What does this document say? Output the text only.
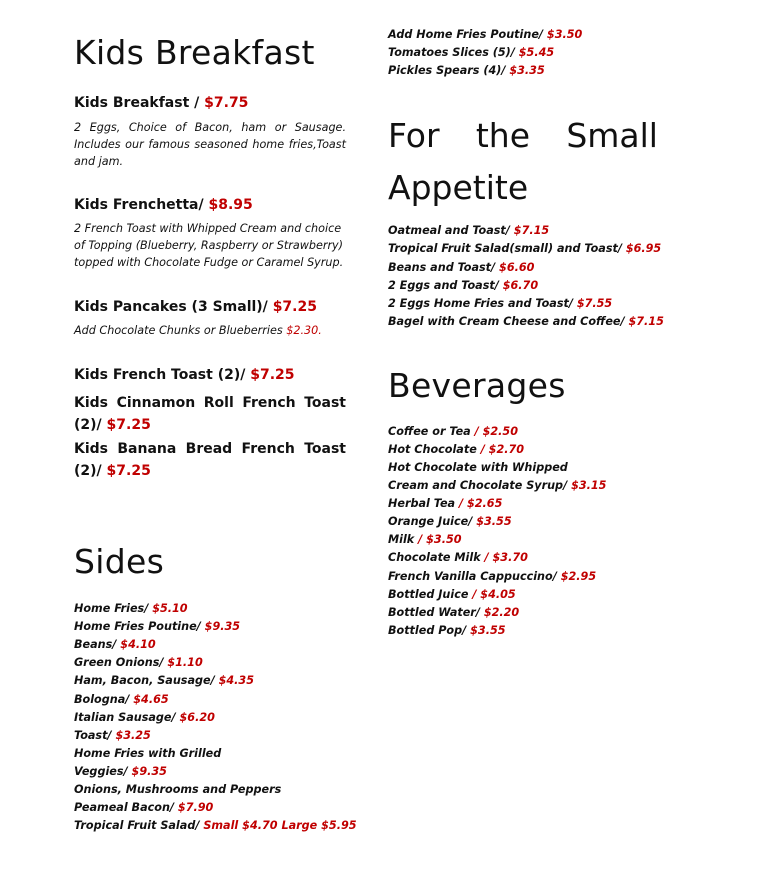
Kids Breakfast
Kids Breakfast / $7.75
2 Eggs, Choice of Bacon, ham or Sausage. Includes our famous seasoned home fries,Toast and jam.
Kids Frenchetta/ $8.95
2 French Toast with Whipped Cream and choice of Topping (Blueberry, Raspberry or Strawberry) topped with Chocolate Fudge or Caramel Syrup.
Kids Pancakes (3 Small)/ $7.25
Add Chocolate Chunks or Blueberries $2.30.
Kids French Toast (2)/ $7.25
Kids Cinnamon Roll French Toast
(2)/ $7.25
Kids Banana Bread French Toast
(2)/ $7.25
Sides
Home Fries/ $5.10
Home Fries Poutine/ $9.35
Beans/ $4.10
Green Onions/ $1.10
Ham, Bacon, Sausage/ $4.35
Bologna/ $4.65
Italian Sausage/ $6.20
Toast/ $3.25
Home Fries with Grilled
Veggies/ $9.35
Onions, Mushrooms and Peppers
Peameal Bacon/ $7.90
Tropical Fruit Salad/ Small $4.70 Large $5.95
Add Home Fries Poutine/ $3.50
Tomatoes Slices (5)/ $5.45
Pickles Spears (4)/ $3.35
For the Small
Appetite
Oatmeal and Toast/ $7.15
Tropical Fruit Salad(small) and Toast/ $6.95
Beans and Toast/ $6.60
2 Eggs and Toast/ $6.70
2 Eggs Home Fries and Toast/ $7.55
Bagel with Cream Cheese and Coffee/ $7.15
Beverages
Coffee or Tea / $2.50
Hot Chocolate / $2.70
Hot Chocolate with Whipped
Cream and Chocolate Syrup/ $3.15
Herbal Tea / $2.65
Orange Juice/ $3.55
Milk / $3.50
Chocolate Milk / $3.70
French Vanilla Cappuccino/ $2.95
Bottled Juice / $4.05
Bottled Water/ $2.20
Bottled Pop/ $3.55
